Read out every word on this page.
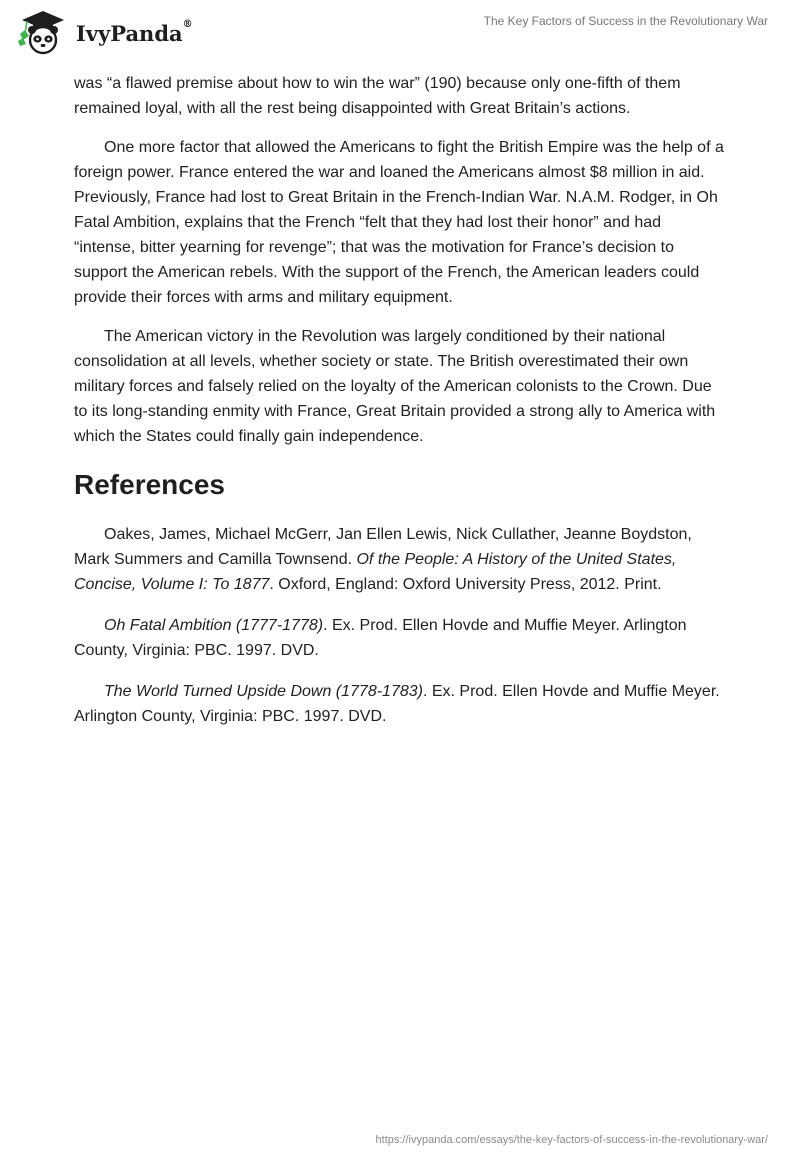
IvyPanda®	The Key Factors of Success in the Revolutionary War

was “a flawed premise about how to win the war” (190) because only one-fifth of them remained loyal, with all the rest being disappointed with Great Britain’s actions.

One more factor that allowed the Americans to fight the British Empire was the help of a foreign power. France entered the war and loaned the Americans almost $8 million in aid. Previously, France had lost to Great Britain in the French-Indian War. N.A.M. Rodger, in Oh Fatal Ambition, explains that the French “felt that they had lost their honor” and had “intense, bitter yearning for revenge”; that was the motivation for France’s decision to support the American rebels. With the support of the French, the American leaders could provide their forces with arms and military equipment.

The American victory in the Revolution was largely conditioned by their national consolidation at all levels, whether society or state. The British overestimated their own military forces and falsely relied on the loyalty of the American colonists to the Crown. Due to its long-standing enmity with France, Great Britain provided a strong ally to America with which the States could finally gain independence.

References

Oakes, James, Michael McGerr, Jan Ellen Lewis, Nick Cullather, Jeanne Boydston, Mark Summers and Camilla Townsend. Of the People: A History of the United States, Concise, Volume I: To 1877. Oxford, England: Oxford University Press, 2012. Print.

Oh Fatal Ambition (1777-1778). Ex. Prod. Ellen Hovde and Muffie Meyer. Arlington County, Virginia: PBC. 1997. DVD.

The World Turned Upside Down (1778-1783). Ex. Prod. Ellen Hovde and Muffie Meyer. Arlington County, Virginia: PBC. 1997. DVD.

https://ivypanda.com/essays/the-key-factors-of-success-in-the-revolutionary-war/
